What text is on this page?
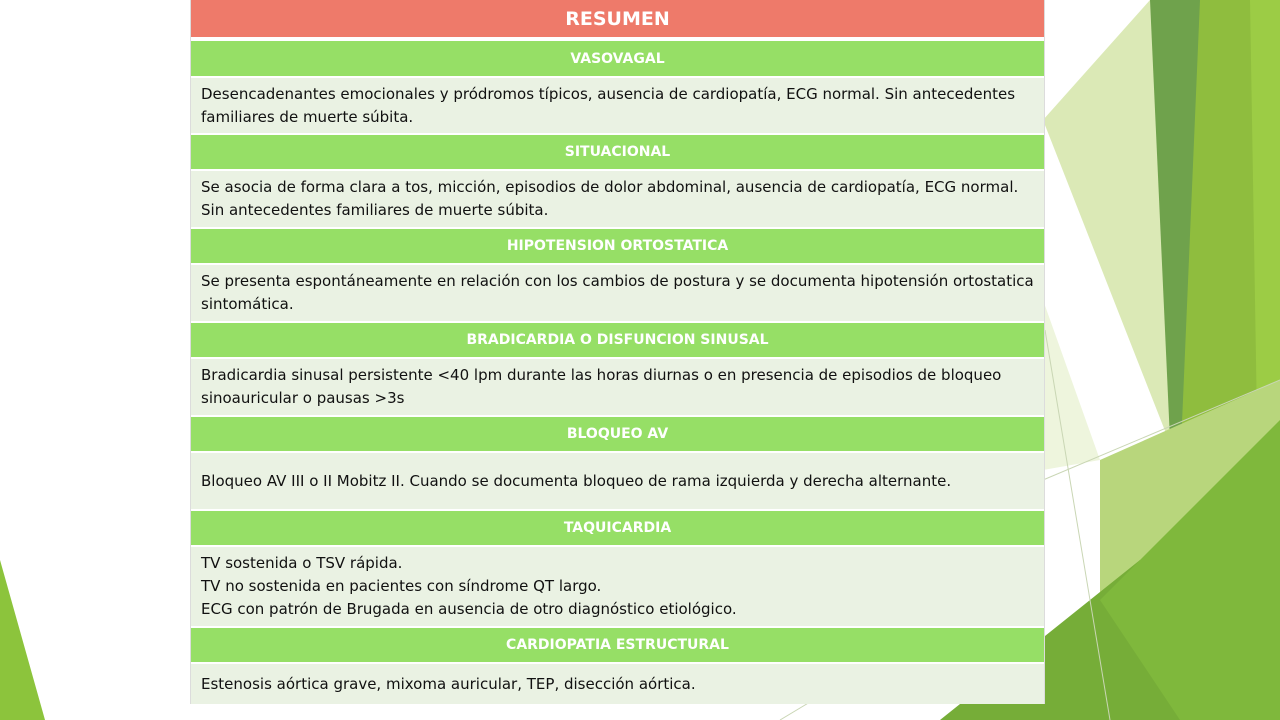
RESUMEN
VASOVAGAL
Desencadenantes emocionales y pródromos típicos, ausencia de cardiopatía, ECG normal. Sin antecedentes familiares de muerte súbita.
SITUACIONAL
Se asocia de forma clara a tos, micción, episodios de dolor abdominal, ausencia de cardiopatía, ECG normal. Sin antecedentes familiares de muerte súbita.
HIPOTENSION ORTOSTATICA
Se presenta espontáneamente en relación con los cambios de postura y se documenta hipotensión ortostatica sintomática.
BRADICARDIA O DISFUNCION SINUSAL
Bradicardia sinusal persistente <40 lpm durante las horas diurnas o en presencia de episodios de bloqueo sinoauricular o pausas >3s
BLOQUEO AV
Bloqueo AV III o II Mobitz II. Cuando se documenta bloqueo de rama izquierda y derecha alternante.
TAQUICARDIA
TV sostenida o TSV rápida.
TV no sostenida en pacientes con síndrome QT largo.
ECG con patrón de Brugada en ausencia de otro diagnóstico etiológico.
CARDIOPATIA ESTRUCTURAL
Estenosis aórtica grave, mixoma auricular, TEP, disección aórtica.
